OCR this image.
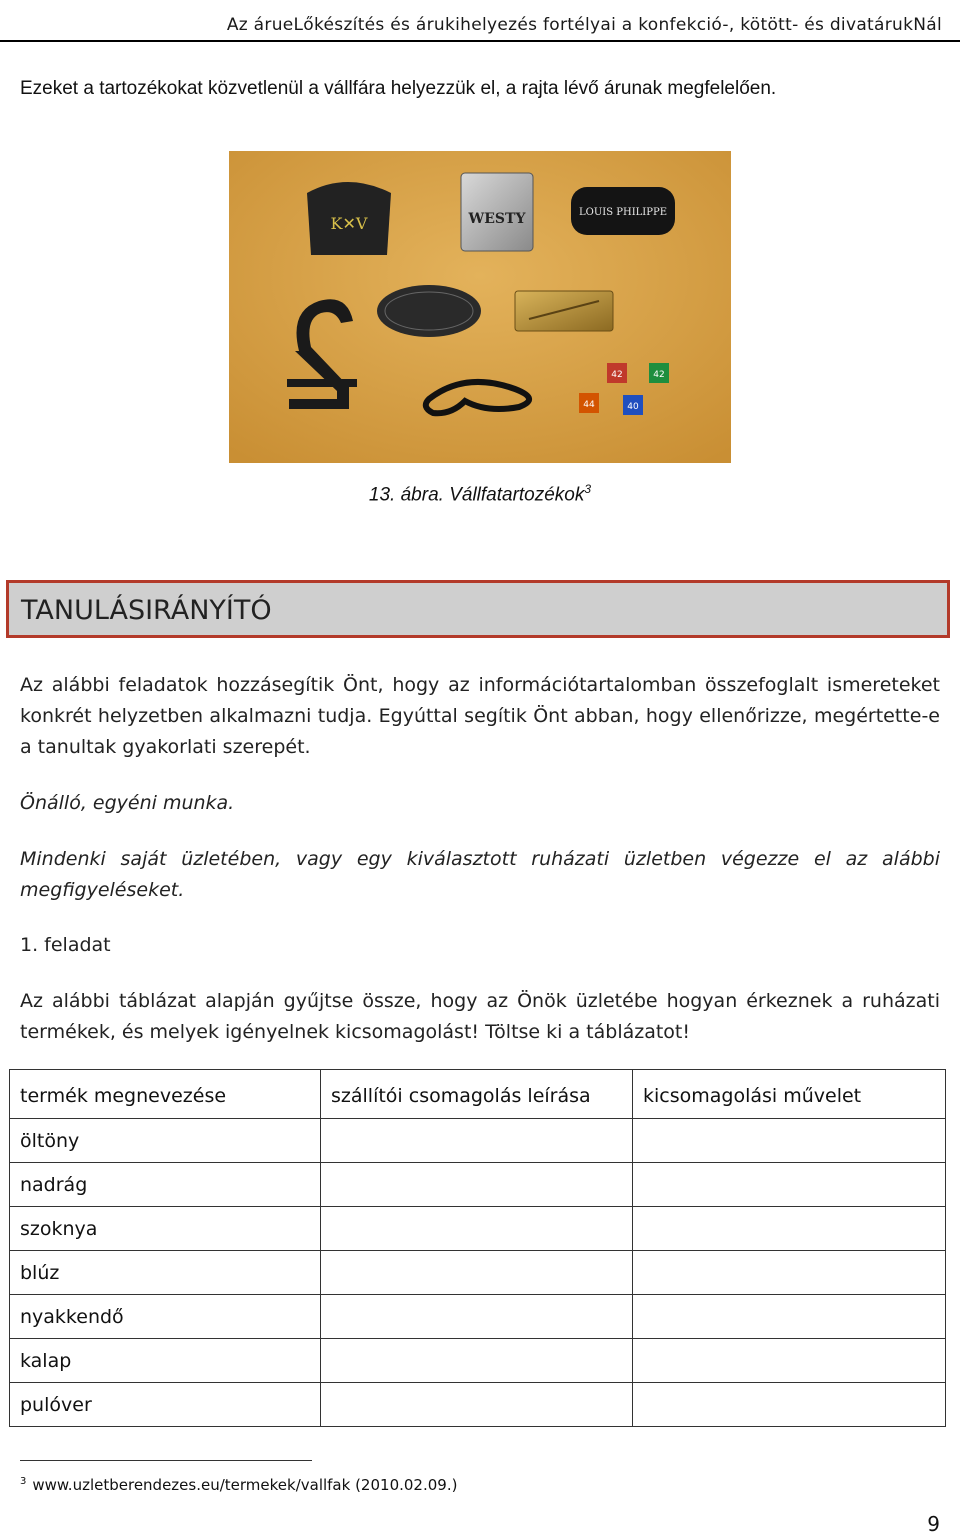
Az árueLőkészítés és árukihelyezés fortélyai a konfekció-, kötött- és divatárukNál
Ezeket a tartozékokat közvetlenül a vállfára helyezzük el, a rajta lévő árunak megfelelően.
K✕V	WESTY	LOUIS PHILIPPE
42	42
44	40
13. ábra. Vállfatartozékok$^3$
TANULÁSIRÁNYÍTÓ
Az alábbi feladatok hozzásegítik Önt, hogy az információtartalomban összefoglalt ismereteket konkrét helyzetben alkalmazni tudja. Egyúttal segítik Önt abban, hogy ellenőrizze, megértette-e a tanultak gyakorlati szerepét.
Önálló, egyéni munka.
Mindenki saját üzletében, vagy egy kiválasztott ruházati üzletben végezze el az alábbi megfigyeléseket.
1. feladat
Az alábbi táblázat alapján gyűjtse össze, hogy az Önök üzletébe hogyan érkeznek a ruházati termékek, és melyek igényelnek kicsomagolást! Töltse ki a táblázatot!
termék megnevezése	szállítói csomagolás leírása	kicsomagolási művelet
öltöny		
nadrág		
szoknya		
blúz		
nyakkendő		
kalap		
pulóver		
$^3$ www.uzletberendezes.eu/termekek/vallfak (2010.02.09.)
9
